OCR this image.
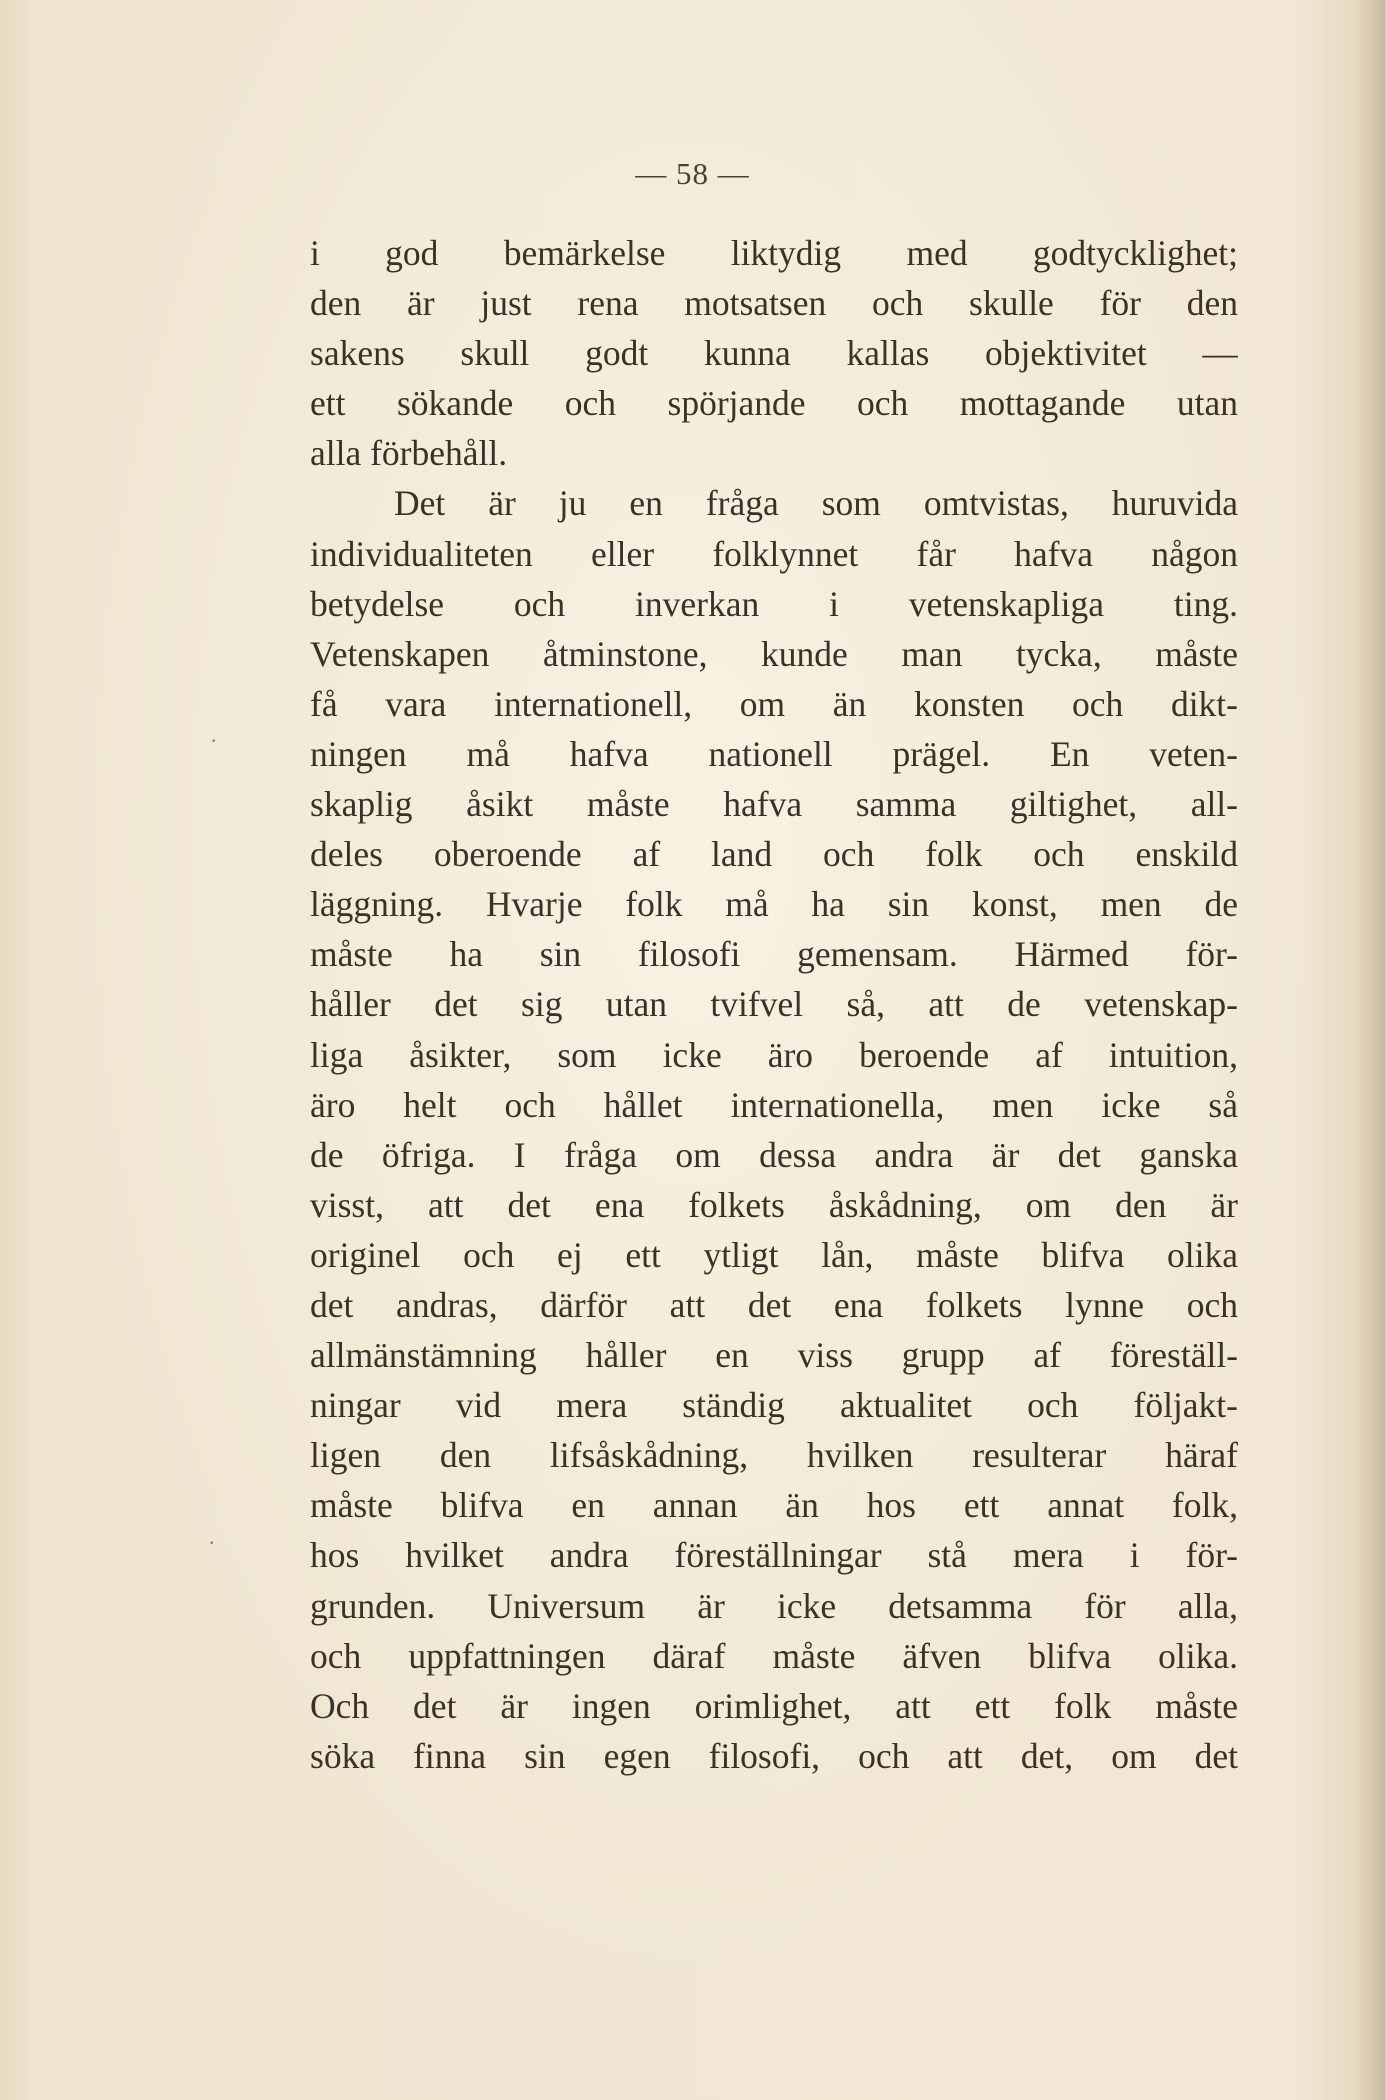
— 58 —
i god bemärkelse liktydig med godtycklighet;
den är just rena motsatsen och skulle för den
sakens skull godt kunna kallas objektivitet —
ett sökande och spörjande och mottagande utan
alla förbehåll.
Det är ju en fråga som omtvistas, huruvida
individualiteten eller folklynnet får hafva någon
betydelse och inverkan i vetenskapliga ting.
Vetenskapen åtminstone, kunde man tycka, måste
få vara internationell, om än konsten och dikt-
ningen må hafva nationell prägel. En veten-
skaplig åsikt måste hafva samma giltighet, all-
deles oberoende af land och folk och enskild
läggning. Hvarje folk må ha sin konst, men de
måste ha sin filosofi gemensam. Härmed för-
håller det sig utan tvifvel så, att de vetenskap-
liga åsikter, som icke äro beroende af intuition,
äro helt och hållet internationella, men icke så
de öfriga. I fråga om dessa andra är det ganska
visst, att det ena folkets åskådning, om den är
originel och ej ett ytligt lån, måste blifva olika
det andras, därför att det ena folkets lynne och
allmänstämning håller en viss grupp af föreställ-
ningar vid mera ständig aktualitet och följakt-
ligen den lifsåskådning, hvilken resulterar häraf
måste blifva en annan än hos ett annat folk,
hos hvilket andra föreställningar stå mera i för-
grunden. Universum är icke detsamma för alla,
och uppfattningen däraf måste äfven blifva olika.
Och det är ingen orimlighet, att ett folk måste
söka finna sin egen filosofi, och att det, om det
·
·
